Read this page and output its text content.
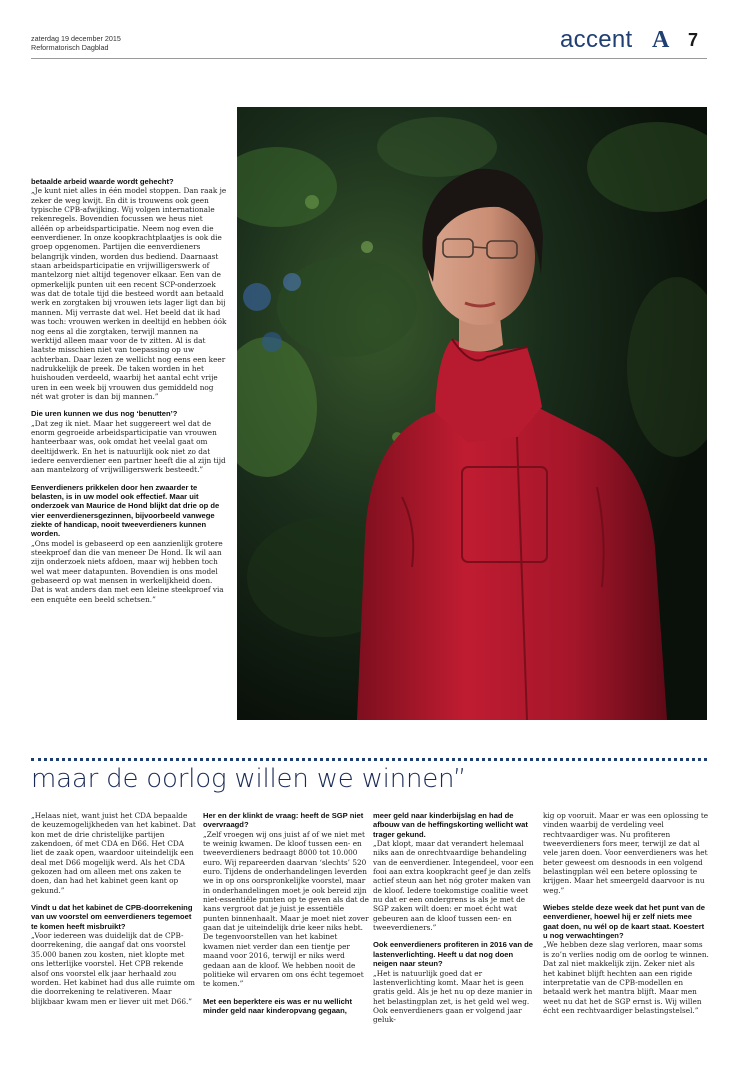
zaterdag 19 december 2015
Reformatorisch Dagblad	accent A 7

betaalde arbeid waarde wordt gehecht?

„Je kunt niet alles in één model stoppen. Dan raak je zeker de weg kwijt. En dit is trouwens ook geen typische CPB-afwijking. Wij volgen internationale rekenregels. Bovendien focussen we heus niet alléén op arbeidsparticipatie. Neem nog even die eenverdiener. In onze koopkrachtplaatjes is ook die groep opgenomen. Partijen die eenverdieners belangrijk vinden, worden dus bediend. Daarnaast staan arbeidsparticipatie en vrijwilligerswerk of mantelzorg niet altijd tegenover elkaar. Een van de opmerkelijk punten uit een recent SCP-onderzoek was dat de totale tijd die besteed wordt aan betaald werk en zorgtaken bij vrouwen iets lager ligt dan bij mannen. Mij verraste dat wel. Het beeld dat ik had was toch: vrouwen werken in deeltijd en hebben óók nog eens al die zorgtaken, terwijl mannen na werktijd alleen maar voor de tv zitten. Al is dat laatste misschien niet van toepassing op uw achterban. Daar lezen ze wellicht nog eens een keer nadrukkelijk de preek. De taken worden in het huishouden verdeeld, waarbij het aantal echt vrije uren in een week bij vrouwen dus gemiddeld nog nét wat groter is dan bij mannen.”

Die uren kunnen we dus nog ‘benutten’?

„Dat zeg ik niet. Maar het suggereert wel dat de enorm gegroeide arbeidsparticipatie van vrouwen hanteerbaar was, ook omdat het veelal gaat om deeltijdwerk. En het is natuurlijk ook niet zo dat iedere eenverdiener een partner heeft die al zijn tijd aan mantelzorg of vrijwilligerswerk besteedt.”

Eenverdieners prikkelen door hen zwaarder te belasten, is in uw model ook effectief. Maar uit onderzoek van Maurice de Hond blijkt dat drie op de vier eenverdienersgezinnen, bijvoorbeeld vanwege ziekte of handicap, nooit tweeverdieners kunnen worden.

„Ons model is gebaseerd op een aanzienlijk grotere steekproef dan die van meneer De Hond. Ik wil aan zijn onderzoek niets afdoen, maar wij hebben toch wel wat meer datapunten. Bovendien is ons model gebaseerd op wat mensen in werkelijkheid doen. Dat is wat anders dan met een kleine steekproef via een enquête een beeld schetsen.”

maar de oorlog willen we winnen”

„Helaas niet, want juist het CDA bepaalde de keuzemogelijkheden van het kabinet. Dat kon met de drie christelijke partijen zakendoen, óf met CDA en D66. Het CDA liet de zaak open, waardoor uiteindelijk een deal met D66 mogelijk werd. Als het CDA gekozen had om alleen met ons zaken te doen, dan had het kabinet geen kant op gekund.”

Vindt u dat het kabinet de CPB-doorrekening van uw voorstel om eenverdieners tegemoet te komen heeft misbruikt?

„Voor iedereen was duidelijk dat de CPB-doorrekening, die aangaf dat ons voorstel 35.000 banen zou kosten, niet klopte met ons letterlijke voorstel. Het CPB rekende alsof ons voorstel elk jaar herhaald zou worden. Het kabinet had dus alle ruimte om die doorrekening te relativeren. Maar blijkbaar kwam men er liever uit met D66.”

Her en der klinkt de vraag: heeft de SGP niet overvraagd?

„Zelf vroegen wij ons juist af of we niet met te weinig kwamen. De kloof tussen een- en tweeverdieners bedraagt 8000 tot 10.000 euro. Wij repareerden daarvan ‘slechts’ 520 euro. Tijdens de onderhandelingen leverden we in op ons oorspronkelijke voorstel, maar in onderhandelingen moet je ook bereid zijn niet-essentiële punten op te geven als dat de kans vergroot dat je juist je essentiële punten binnenhaalt. Maar je moet niet zover gaan dat je uiteindelijk drie keer niks hebt. De tegenvoorstellen van het kabinet kwamen niet verder dan een tientje per maand voor 2016, terwijl er niks werd gedaan aan de kloof. We hebben nooit de politieke wil ervaren om ons écht tegemoet te komen.”

Met een beperktere eis was er nu wellicht minder geld naar kinderopvang gegaan,

meer geld naar kinderbijslag en had de afbouw van de heffingskorting wellicht wat trager gekund.

„Dat klopt, maar dat verandert helemaal niks aan de onrechtvaardige behandeling van de eenverdiener. Integendeel, voor een fooi aan extra koopkracht geef je dan zelfs actief steun aan het nóg groter maken van de kloof. Iedere toekomstige coalitie weet nu dat er een ondergrens is als je met de SGP zaken wilt doen: er moet écht wat gebeuren aan de kloof tussen een- en tweeverdieners.”

Ook eenverdieners profiteren in 2016 van de lastenverlichting. Heeft u dat nog doen neigen naar steun?

„Het is natuurlijk goed dat er lastenverlichting komt. Maar het is geen gratis geld. Als je het nu op deze manier in het belastingplan zet, is het geld wel weg. Ook eenverdieners gaan er volgend jaar geluk-

kig op vooruit. Maar er was een oplossing te vinden waarbij de verdeling veel rechtvaardiger was. Nu profiteren tweeverdieners fors meer, terwijl ze dat al vele jaren doen. Voor eenverdieners was het beter geweest om desnoods in een volgend belastingplan wél een betere oplossing te krijgen. Maar het smeergeld daarvoor is nu weg.”

Wiebes stelde deze week dat het punt van de eenverdiener, hoewel hij er zelf niets mee gaat doen, nu wél op de kaart staat. Koestert u nog verwachtingen?

„We hebben deze slag verloren, maar soms is zo’n verlies nodig om de oorlog te winnen. Dat zal niet makkelijk zijn. Zeker niet als het kabinet blijft hechten aan een rigide interpretatie van de CPB-modellen en betaald werk het mantra blijft. Maar men weet nu dat het de SGP ernst is. Wij willen écht een rechtvaardiger belastingstelsel.”
